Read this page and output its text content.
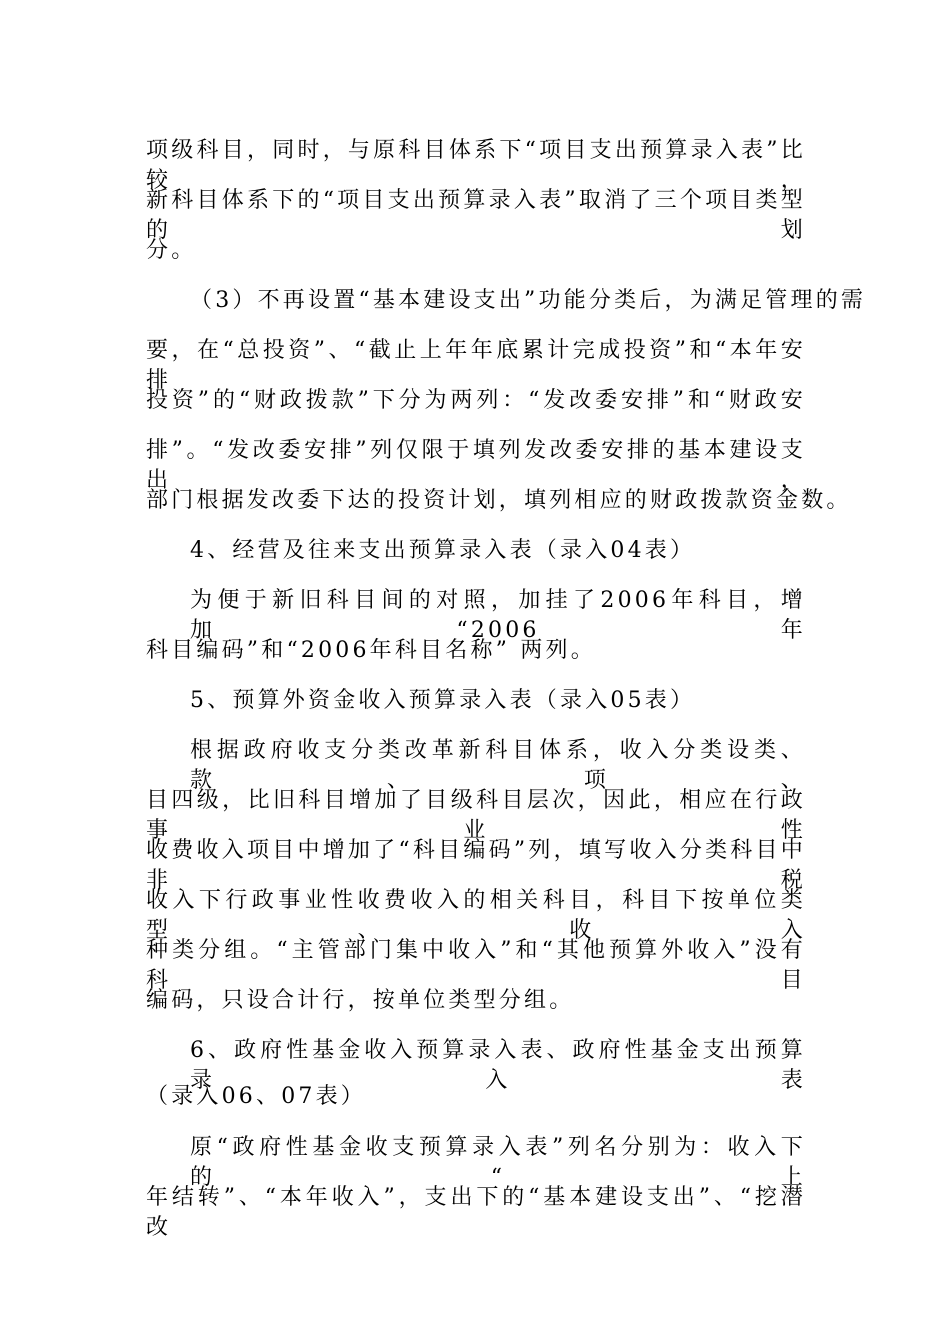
项级科目，同时，与原科目体系下“项目支出预算录入表”比较，
新科目体系下的“项目支出预算录入表”取消了三个项目类型的划
分。
（3）不再设置“基本建设支出”功能分类后，为满足管理的需
要，在“总投资”、“截止上年年底累计完成投资”和“本年安排
投资”的“财政拨款”下分为两列：“发改委安排”和“财政安
排”。“发改委安排”列仅限于填列发改委安排的基本建设支出，
部门根据发改委下达的投资计划，填列相应的财政拨款资金数。
4、经营及往来支出预算录入表（录入04表）
为便于新旧科目间的对照，加挂了2006年科目，增加“2006年
科目编码”和“2006年科目名称” 两列。
5、预算外资金收入预算录入表（录入05表）
根据政府收支分类改革新科目体系，收入分类设类、款、项、
目四级，比旧科目增加了目级科目层次，因此，相应在行政事业性
收费收入项目中增加了“科目编码”列，填写收入分类科目中非税
收入下行政事业性收费收入的相关科目，科目下按单位类型、收入
种类分组。“主管部门集中收入”和“其他预算外收入”没有科目
编码，只设合计行，按单位类型分组。
6、政府性基金收入预算录入表、政府性基金支出预算录入表
（录入06、07表）
原“政府性基金收支预算录入表”列名分别为：收入下的“上
年结转”、“本年收入”，支出下的“基本建设支出”、“挖潜改
